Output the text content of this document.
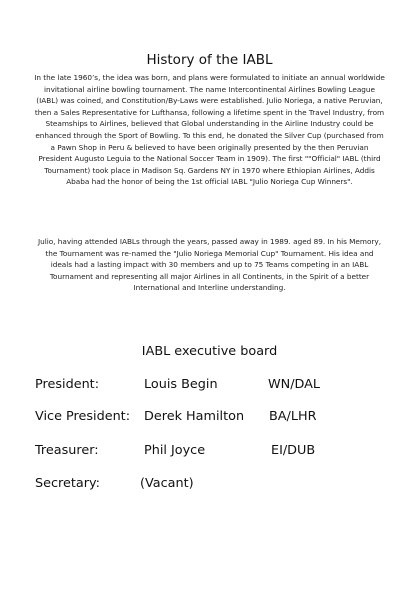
History of the IABL
In the late 1960’s, the idea was born, and plans were formulated to initiate an annual worldwide invitational airline bowling tournament. The name Intercontinental Airlines Bowling League (IABL) was coined, and Constitution/By-Laws were established. Julio Noriega, a native Peruvian, then a Sales Representative for Lufthansa, following a lifetime spent in the Travel Industry, from Steamships to Airlines, believed that Global understanding in the Airline Industry could be enhanced through the Sport of Bowling. To this end, he donated the Silver Cup (purchased from a Pawn Shop in Peru & believed to have been originally presented by the then Peruvian President Augusto Leguia to the National Soccer Team in 1909). The first ""Official" IABL (third Tournament) took place in Madison Sq. Gardens NY in 1970 where Ethiopian Airlines, Addis Ababa had the honor of being the 1st official IABL "Julio Noriega Cup Winners".
Julio, having attended IABLs through the years, passed away in 1989. aged 89. In his Memory, the Tournament was re-named the "Julio Noriega Memorial Cup" Tournament. His idea and ideals had a lasting impact with 30 members and up to 75 Teams competing in an IABL Tournament and representing all major Airlines in all Continents, in the Spirit of a better International and Interline understanding.
IABL executive board
President:	Louis Begin	WN/DAL
Vice President: Derek Hamilton BA/LHR
Treasurer:	Phil Joyce	EI/DUB
Secretary:	(Vacant)
